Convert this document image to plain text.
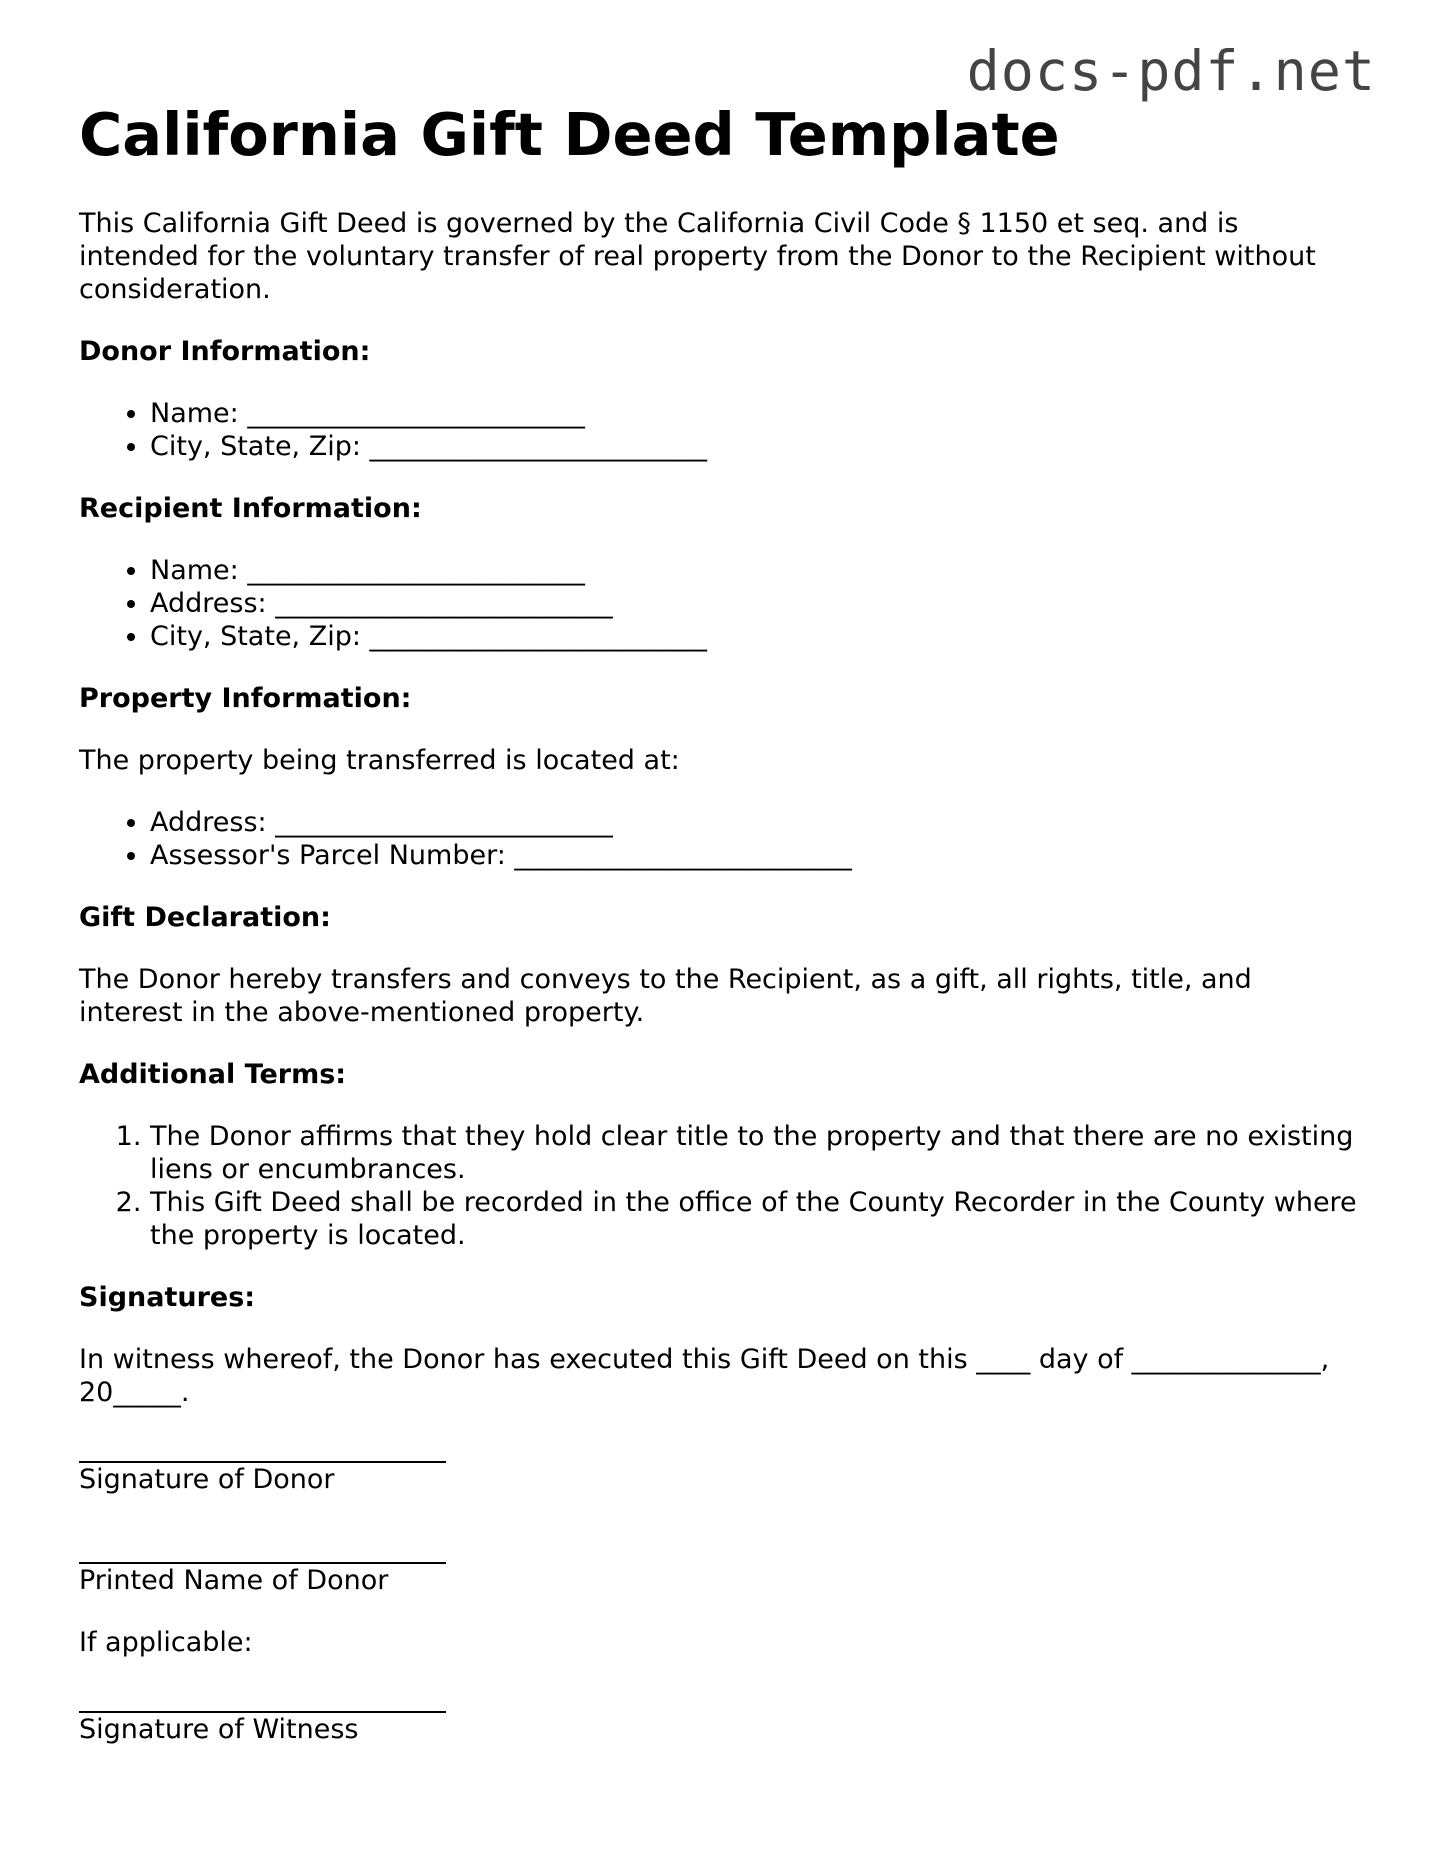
docs-pdf.net
California Gift Deed Template

This California Gift Deed is governed by the California Civil Code § 1150 et seq. and is intended for the voluntary transfer of real property from the Donor to the Recipient without consideration.

Donor Information:
• Name: _________________________
• City, State, Zip: _________________________
Recipient Information:
• Name: _________________________
• Address: _________________________
• City, State, Zip: _________________________
Property Information:

The property being transferred is located at:

• Address: _________________________
• Assessor's Parcel Number: _________________________
Gift Declaration:

The Donor hereby transfers and conveys to the Recipient, as a gift, all rights, title, and interest in the above-mentioned property.

Additional Terms:
1. The Donor affirms that they hold clear title to the property and that there are no existing liens or encumbrances.
2. This Gift Deed shall be recorded in the office of the County Recorder in the County where the property is located.
Signatures:

In witness whereof, the Donor has executed this Gift Deed on this ____ day of ______________, 20_____.

Signature of Donor
Printed Name of Donor

If applicable:

Signature of Witness
